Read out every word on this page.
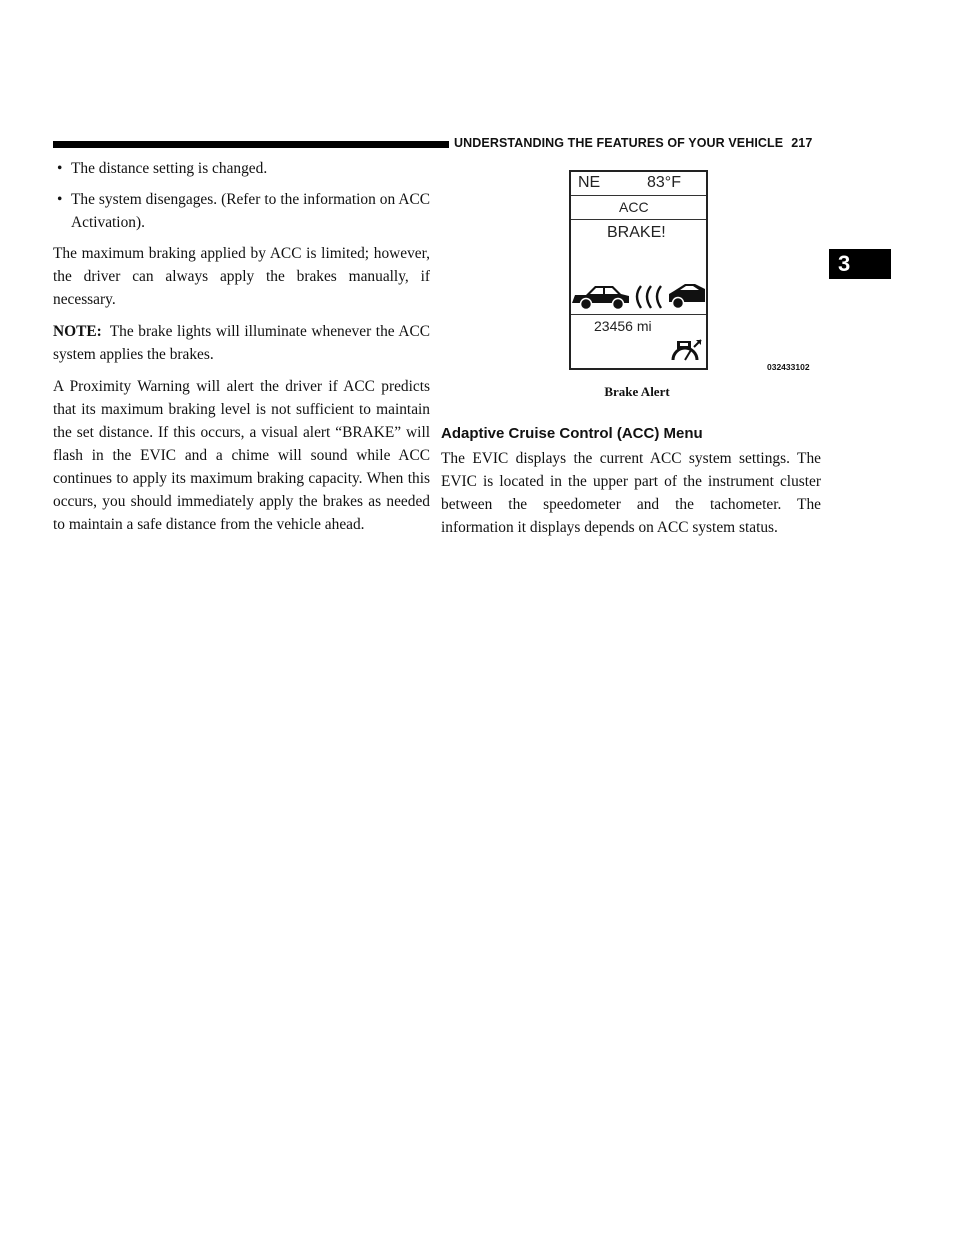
UNDERSTANDING THE FEATURES OF YOUR VEHICLE 217
3
• The distance setting is changed.
• The system disengages. (Refer to the information on ACC Activation).

The maximum braking applied by ACC is limited; however, the driver can always apply the brakes manually, if necessary.

NOTE: The brake lights will illuminate whenever the ACC system applies the brakes.

A Proximity Warning will alert the driver if ACC predicts that its maximum braking level is not sufficient to maintain the set distance. If this occurs, a visual alert “BRAKE” will flash in the EVIC and a chime will sound while ACC continues to apply its maximum braking capacity. When this occurs, you should immediately apply the brakes as needed to maintain a safe distance from the vehicle ahead.

NE	83°F
ACC
BRAKE!
23456 mi
032433102
Brake Alert
Adaptive Cruise Control (ACC) Menu

The EVIC displays the current ACC system settings. The EVIC is located in the upper part of the instrument cluster between the speedometer and the tachometer. The information it displays depends on ACC system status.
